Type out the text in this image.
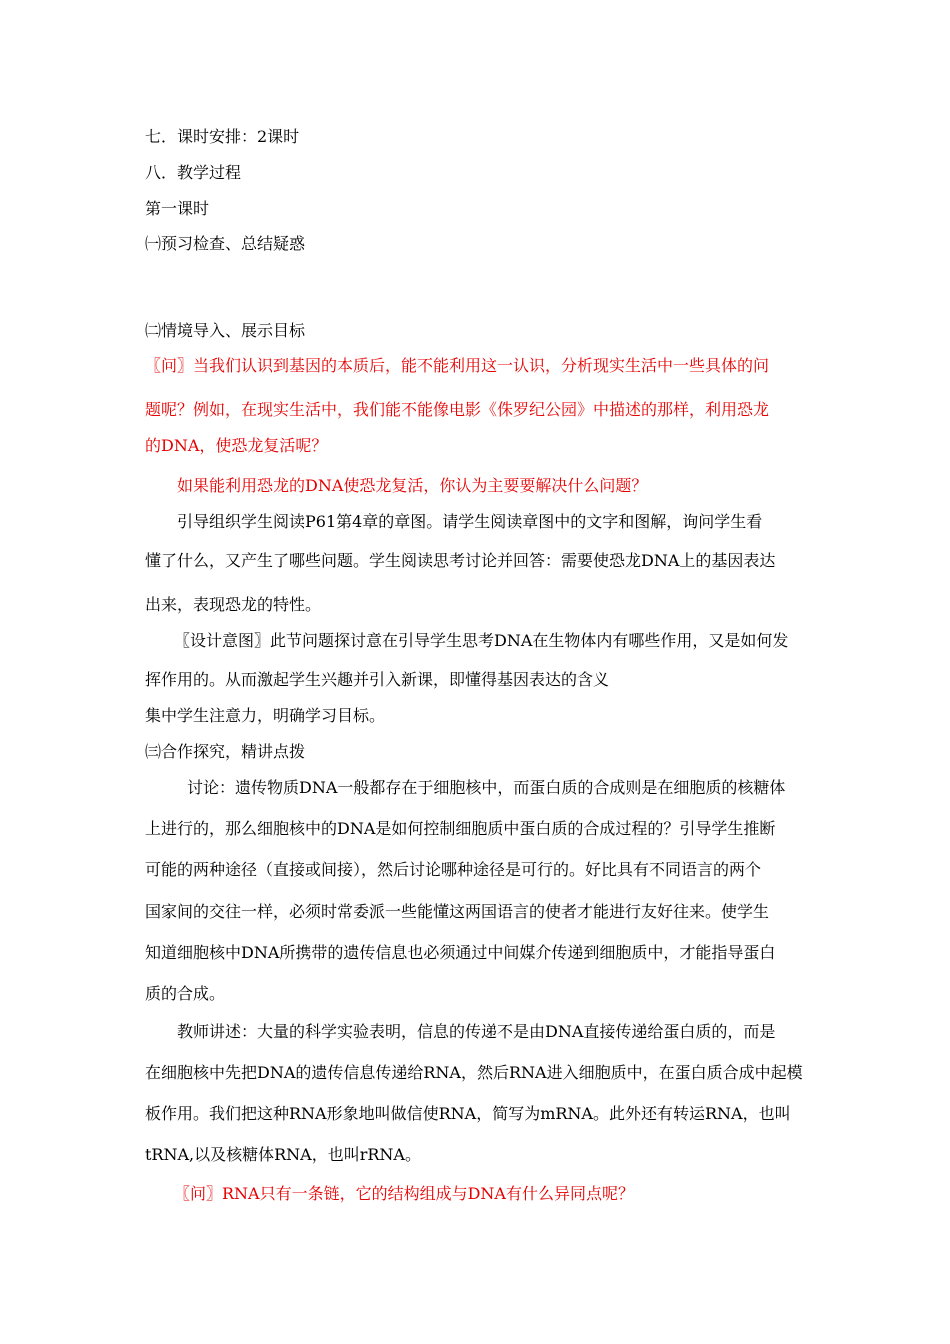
七．课时安排：2课时

八．教学过程

第一课时

㈠预习检查、总结疑惑

㈡情境导入、展示目标

〖问〗当我们认识到基因的本质后，能不能利用这一认识，分析现实生活中一些具体的问

题呢？例如，在现实生活中，我们能不能像电影《侏罗纪公园》中描述的那样，利用恐龙

的DNA，使恐龙复活呢？

如果能利用恐龙的DNA使恐龙复活，你认为主要要解决什么问题？

引导组织学生阅读P61第4章的章图。请学生阅读章图中的文字和图解，询问学生看

懂了什么，又产生了哪些问题。学生阅读思考讨论并回答：需要使恐龙DNA上的基因表达

出来，表现恐龙的特性。

〖设计意图〗此节问题探讨意在引导学生思考DNA在生物体内有哪些作用，又是如何发

挥作用的。从而激起学生兴趣并引入新课，即懂得基因表达的含义

集中学生注意力，明确学习目标。

㈢合作探究，精讲点拨

讨论：遗传物质DNA一般都存在于细胞核中，而蛋白质的合成则是在细胞质的核糖体

上进行的，那么细胞核中的DNA是如何控制细胞质中蛋白质的合成过程的？引导学生推断

可能的两种途径（直接或间接），然后讨论哪种途径是可行的。好比具有不同语言的两个

国家间的交往一样，必须时常委派一些能懂这两国语言的使者才能进行友好往来。使学生

知道细胞核中DNA所携带的遗传信息也必须通过中间媒介传递到细胞质中，才能指导蛋白

质的合成。

教师讲述：大量的科学实验表明，信息的传递不是由DNA直接传递给蛋白质的，而是

在细胞核中先把DNA的遗传信息传递给RNA，然后RNA进入细胞质中，在蛋白质合成中起模

板作用。我们把这种RNA形象地叫做信使RNA，简写为mRNA。此外还有转运RNA，也叫

tRNA,以及核糖体RNA，也叫rRNA。

〖问〗RNA只有一条链，它的结构组成与DNA有什么异同点呢？
